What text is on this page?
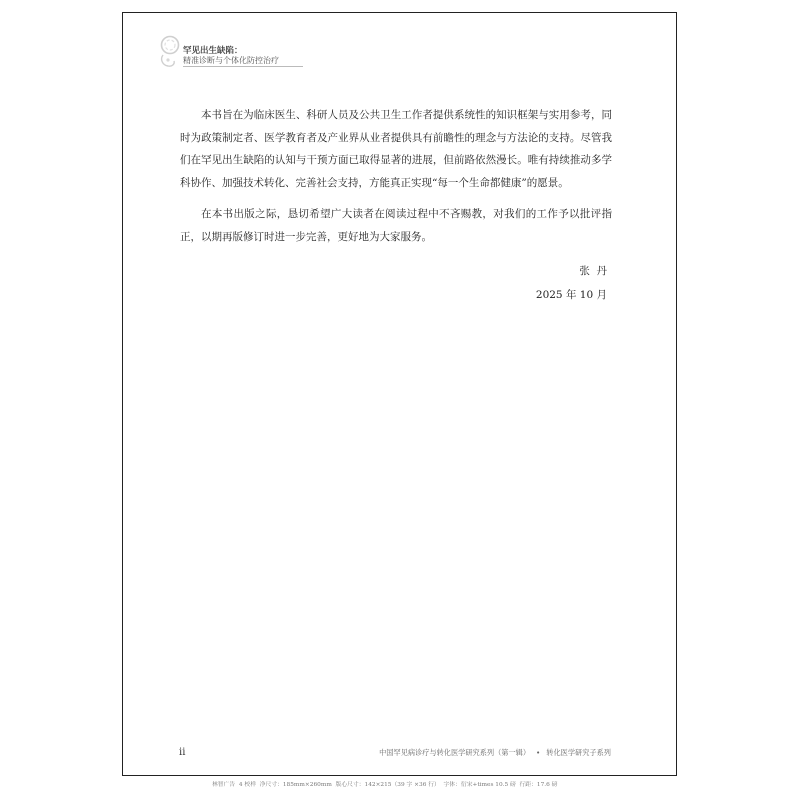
罕见出生缺陷：
精准诊断与个体化防控治疗

本书旨在为临床医生、科研人员及公共卫生工作者提供系统性的知识框架与实用参考，同时为政策制定者、医学教育者及产业界从业者提供具有前瞻性的理念与方法论的支持。尽管我们在罕见出生缺陷的认知与干预方面已取得显著的进展，但前路依然漫长。唯有持续推动多学科协作、加强技术转化、完善社会支持，方能真正实现“每一个生命都健康”的愿景。

在本书出版之际，恳切希望广大读者在阅读过程中不吝赐教，对我们的工作予以批评指正，以期再版修订时进一步完善，更好地为大家服务。

张  丹
2025 年 10 月
ii	中国罕见病诊疗与转化医学研究系列（第一辑） • 转化医学研究子系列
林智广告  4 校样  净尺寸：185mm×260mm  版心尺寸：142×215（39 字 ×36 行）  字体：衍宋+times 10.5 磅  行距：17.6 磅
